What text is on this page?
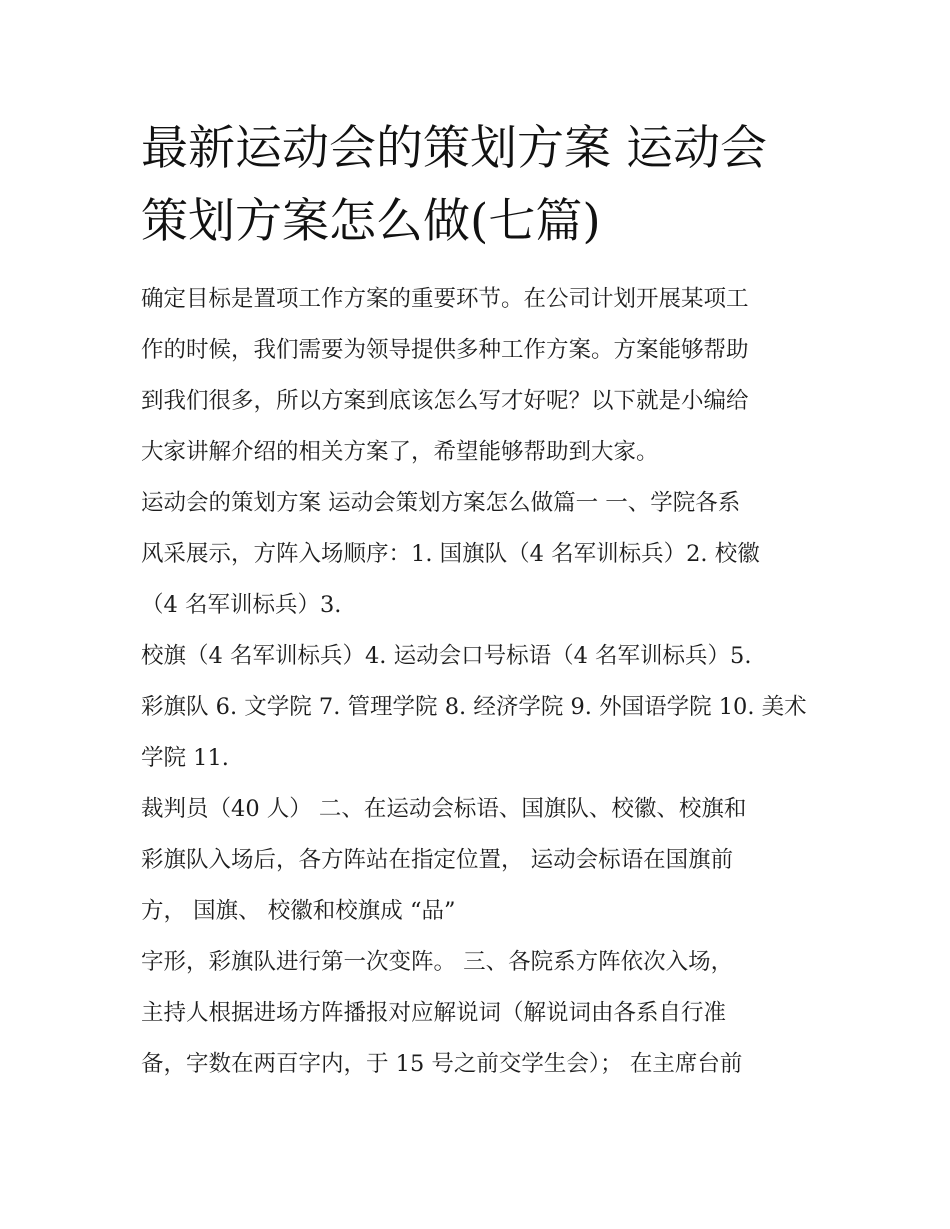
最新运动会的策划方案 运动会
策划方案怎么做(七篇)

确定目标是置项工作方案的重要环节。在公司计划开展某项工
作的时候，我们需要为领导提供多种工作方案。方案能够帮助
到我们很多，所以方案到底该怎么写才好呢？以下就是小编给
大家讲解介绍的相关方案了，希望能够帮助到大家。

运动会的策划方案 运动会策划方案怎么做篇一 一、学院各系
风采展示，方阵入场顺序：1. 国旗队（4 名军训标兵）2. 校徽
（4 名军训标兵）3.

校旗（4 名军训标兵）4. 运动会口号标语（4 名军训标兵）5.
彩旗队 6. 文学院 7. 管理学院 8. 经济学院 9. 外国语学院 10. 美术
学院 11.

裁判员（40 人） 二、在运动会标语、国旗队、校徽、校旗和
彩旗队入场后，各方阵站在指定位置， 运动会标语在国旗前
方， 国旗、 校徽和校旗成 “品”

字形，彩旗队进行第一次变阵。 三、各院系方阵依次入场，
主持人根据进场方阵播报对应解说词（解说词由各系自行准
备，字数在两百字内，于 15 号之前交学生会）； 在主席台前
